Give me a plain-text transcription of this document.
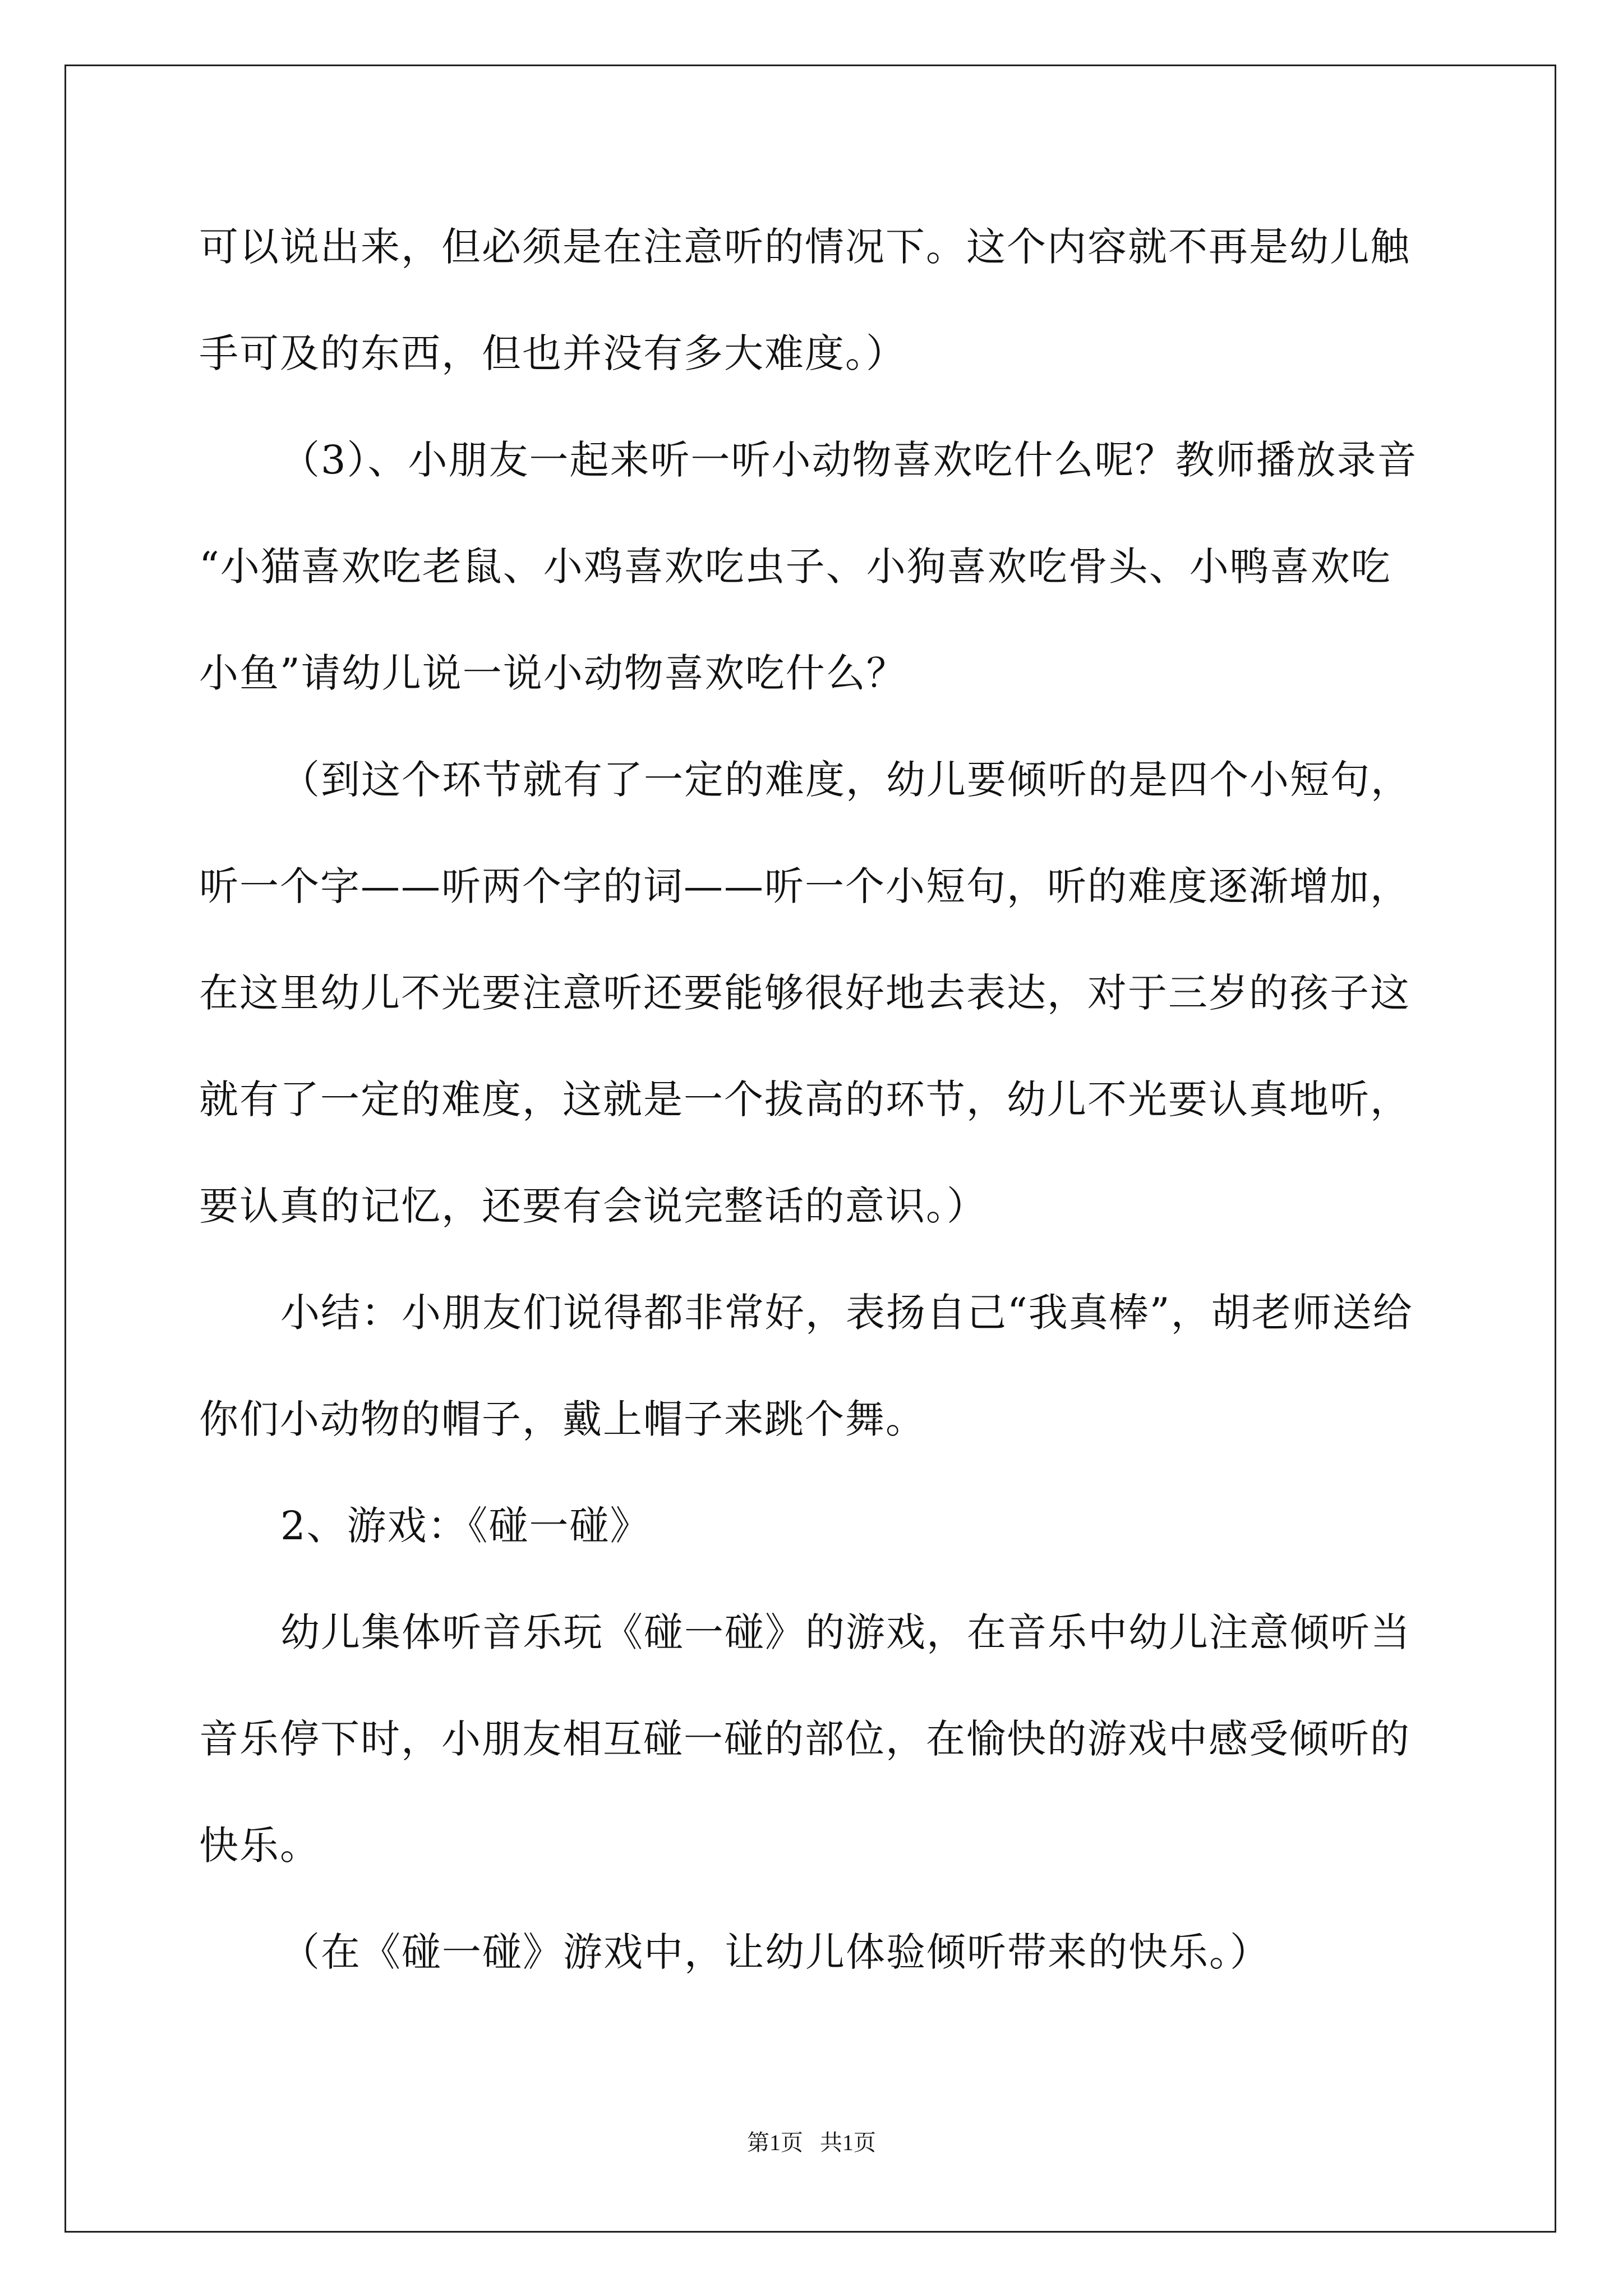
可以说出来，但必须是在注意听的情况下。这个内容就不再是幼儿触
手可及的东西，但也并没有多大难度。）
（3）、小朋友一起来听一听小动物喜欢吃什么呢？教师播放录音
“小猫喜欢吃老鼠、小鸡喜欢吃虫子、小狗喜欢吃骨头、小鸭喜欢吃
小鱼”请幼儿说一说小动物喜欢吃什么？
（到这个环节就有了一定的难度，幼儿要倾听的是四个小短句，
听一个字——听两个字的词——听一个小短句，听的难度逐渐增加，
在这里幼儿不光要注意听还要能够很好地去表达，对于三岁的孩子这
就有了一定的难度，这就是一个拔高的环节，幼儿不光要认真地听，
要认真的记忆，还要有会说完整话的意识。）
小结：小朋友们说得都非常好，表扬自己“我真棒”，胡老师送给
你们小动物的帽子，戴上帽子来跳个舞。
2、游戏：《碰一碰》
幼儿集体听音乐玩《碰一碰》的游戏，在音乐中幼儿注意倾听当
音乐停下时，小朋友相互碰一碰的部位，在愉快的游戏中感受倾听的
快乐。
（在《碰一碰》游戏中，让幼儿体验倾听带来的快乐。）
第1页   共1页
